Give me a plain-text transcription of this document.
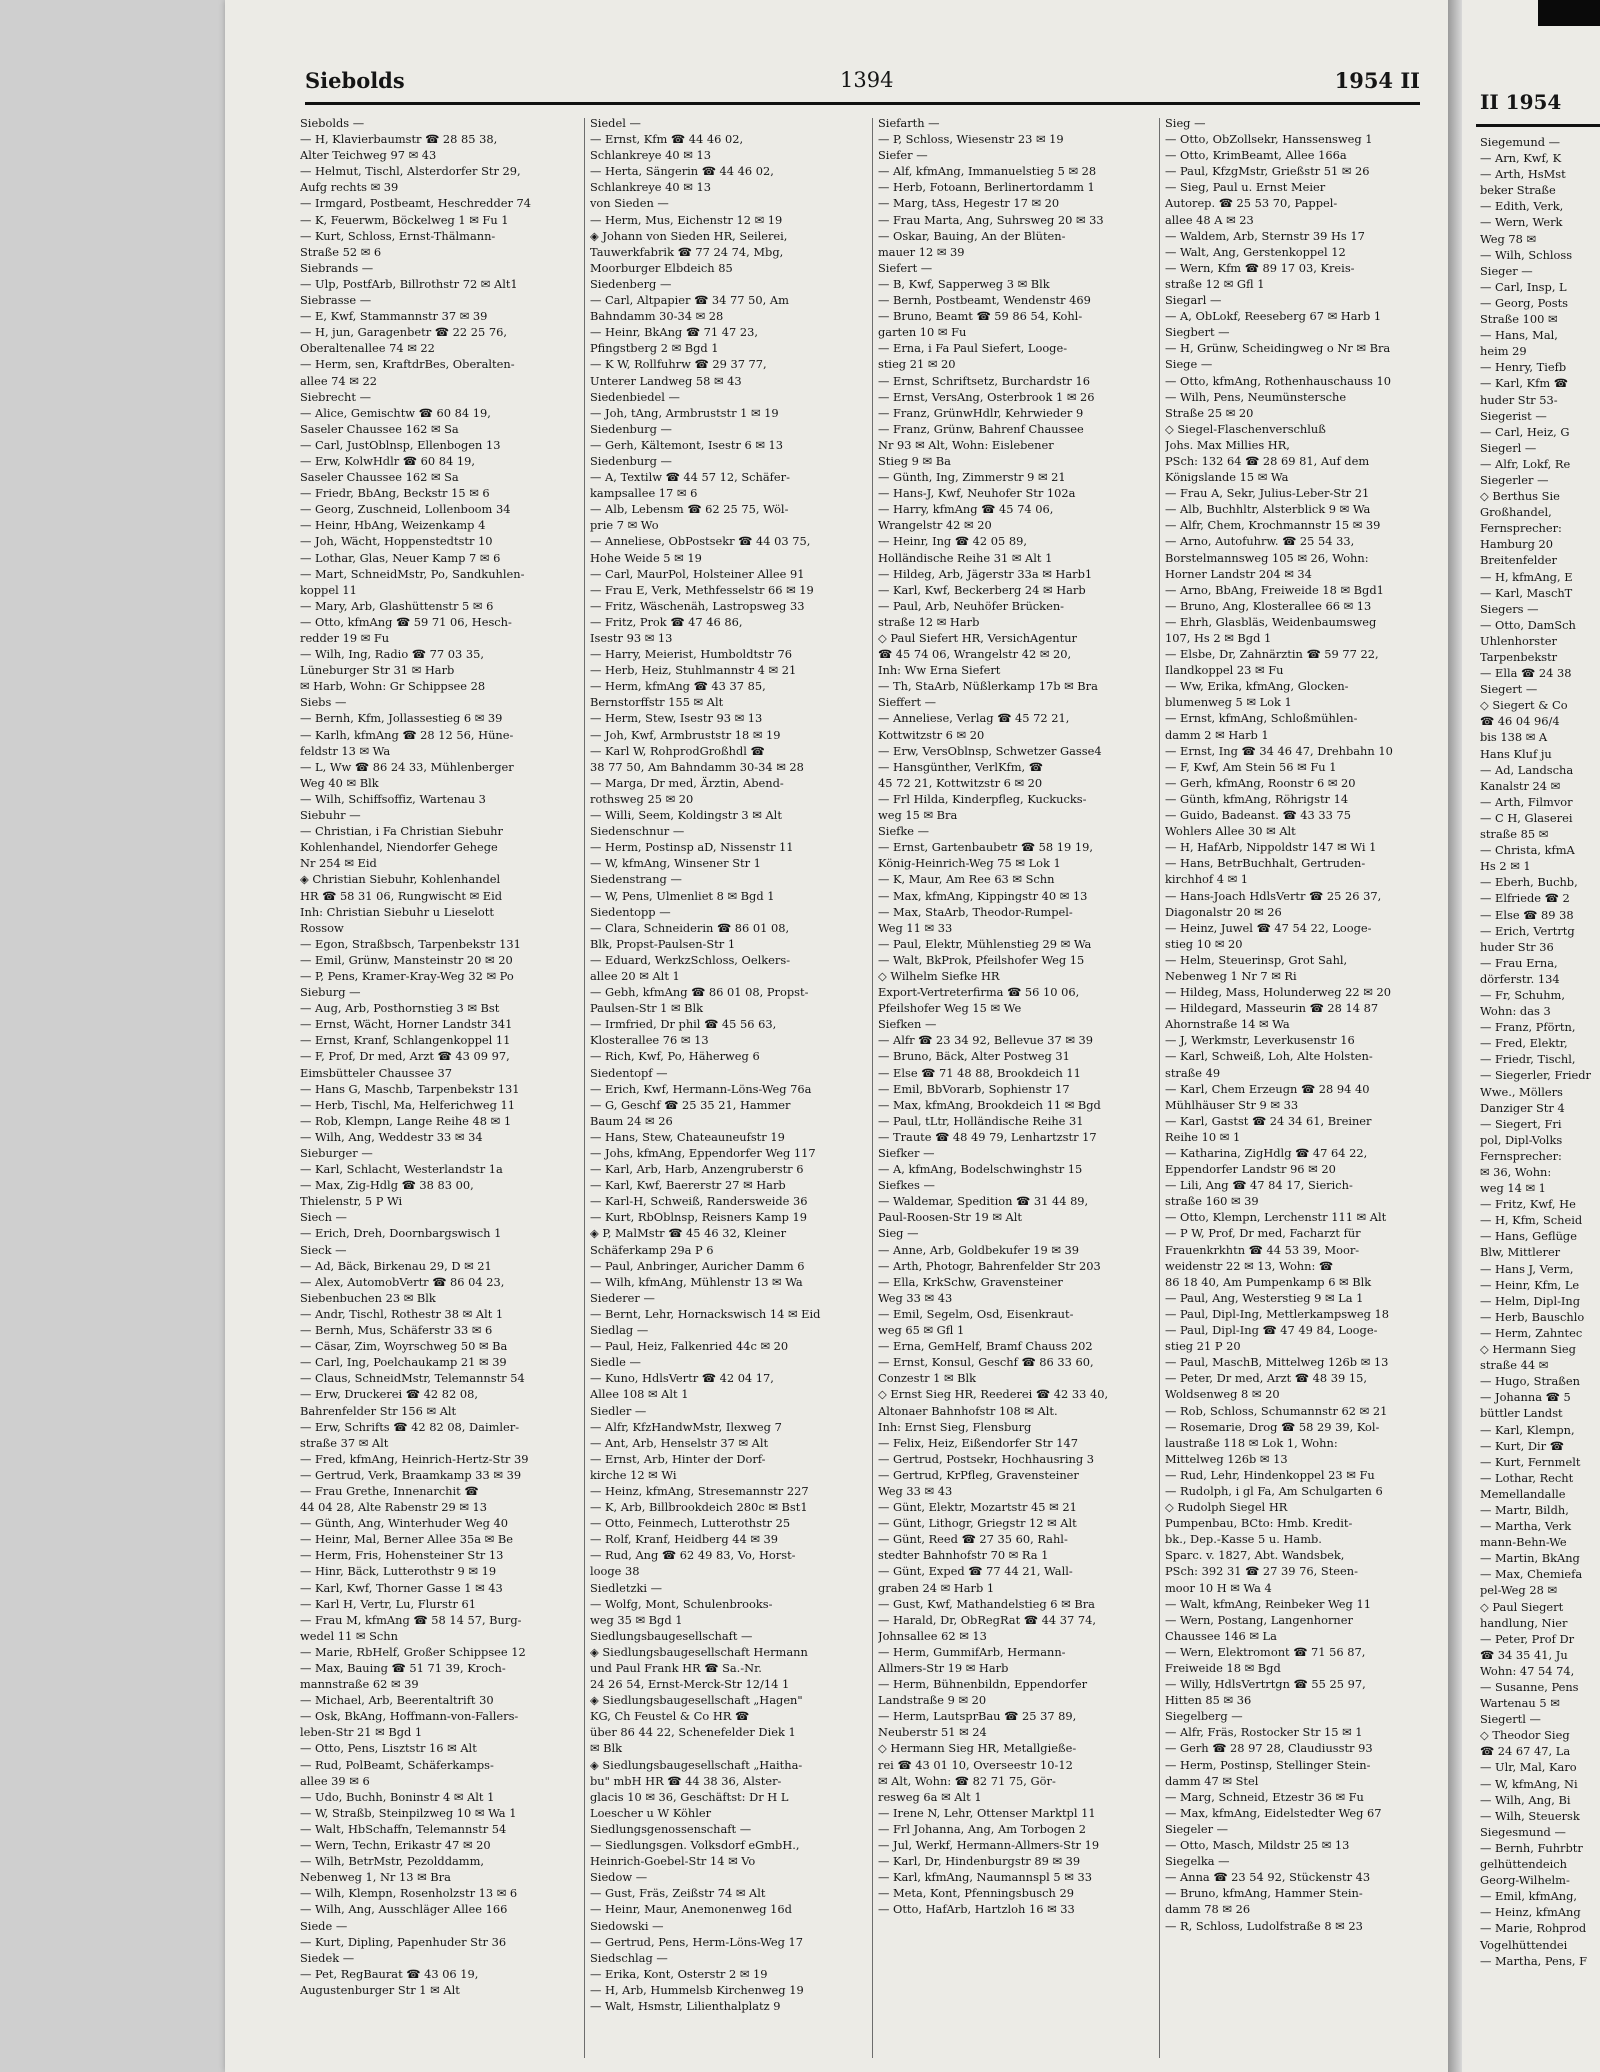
II 1954

Siegemund —

— Arn, Kwf, K

— Arth, HsMst

beker Straße

— Edith, Verk,

— Wern, Werk

Weg 78 ✉

— Wilh, Schloss

Sieger —

— Carl, Insp, L

— Georg, Posts

Straße 100 ✉

— Hans, Mal,

heim 29

— Henry, Tiefb

— Karl, Kfm ☎

huder Str 53-

Siegerist —

— Carl, Heiz, G

Siegerl —

— Alfr, Lokf, Re

Siegerler —

◇ Berthus Sie

Großhandel,

Fernsprecher:

Hamburg 20

Breitenfelder

— H, kfmAng, E

— Karl, MaschT

Siegers —

— Otto, DamSch

Uhlenhorster

Tarpenbekstr

— Ella ☎ 24 38

Siegert —

◇ Siegert & Co

☎ 46 04 96/4

bis 138 ✉ A

Hans Kluf ju

— Ad, Landscha

Kanalstr 24 ✉

— Arth, Filmvor

— C H, Glaserei

straße 85 ✉

— Christa, kfmA

Hs 2 ✉ 1

— Eberh, Buchb,

— Elfriede ☎ 2

— Else ☎ 89 38

— Erich, Vertrtg

huder Str 36

— Frau Erna,

dörferstr. 134

— Fr, Schuhm,

Wohn: das 3

— Franz, Pförtn,

— Fred, Elektr,

— Friedr, Tischl,

— Siegerler, Friedr

Wwe., Möllers

Danziger Str 4

— Siegert, Fri

pol, Dipl-Volks

Fernsprecher:

✉ 36, Wohn:

weg 14 ✉ 1

— Fritz, Kwf, He

— H, Kfm, Scheid

— Hans, Geflüge

Blw, Mittlerer

— Hans J, Verm,

— Heinr, Kfm, Le

— Helm, Dipl-Ing

— Herb, Bauschlo

— Herm, Zahntec

◇ Hermann Sieg

straße 44 ✉

— Hugo, Straßen

— Johanna ☎ 5

büttler Landst

— Karl, Klempn,

— Kurt, Dir ☎

— Kurt, Fernmelt

— Lothar, Recht

Memellandalle

— Martr, Bildh,

— Martha, Verk

mann-Behn-We

— Martin, BkAng

— Max, Chemiefa

pel-Weg 28 ✉

◇ Paul Siegert

handlung, Nier

— Peter, Prof Dr

☎ 34 35 41, Ju

Wohn: 47 54 74,

— Susanne, Pens

Wartenau 5 ✉

Siegertl —

◇ Theodor Sieg

☎ 24 67 47, La

— Ulr, Mal, Karo

— W, kfmAng, Ni

— Wilh, Ang, Bi

— Wilh, Steuersk

Siegesmund —

— Bernh, Fuhrbtr

gelhüttendeich

Georg-Wilhelm-

— Emil, kfmAng,

— Heinz, kfmAng

— Marie, Rohprod

Vogelhüttendei

— Martha, Pens, F

Siebolds	1394	1954 II

Siebolds —

— H, Klavierbaumstr ☎ 28 85 38,

Alter Teichweg 97 ✉ 43

— Helmut, Tischl, Alsterdorfer Str 29,

Aufg rechts ✉ 39

— Irmgard, Postbeamt, Heschredder 74

— K, Feuerwm, Böckelweg 1 ✉ Fu 1

— Kurt, Schloss, Ernst-Thälmann-

Straße 52 ✉ 6

Siebrands —

— Ulp, PostfArb, Billrothstr 72 ✉ Alt1

Siebrasse —

— E, Kwf, Stammannstr 37 ✉ 39

— H, jun, Garagenbetr ☎ 22 25 76,

Oberaltenallee 74 ✉ 22

— Herm, sen, KraftdrBes, Oberalten-

allee 74 ✉ 22

Siebrecht —

— Alice, Gemischtw ☎ 60 84 19,

Saseler Chaussee 162 ✉ Sa

— Carl, JustOblnsp, Ellenbogen 13

— Erw, KolwHdlr ☎ 60 84 19,

Saseler Chaussee 162 ✉ Sa

— Friedr, BbAng, Beckstr 15 ✉ 6

— Georg, Zuschneid, Lollenboom 34

— Heinr, HbAng, Weizenkamp 4

— Joh, Wächt, Hoppenstedtstr 10

— Lothar, Glas, Neuer Kamp 7 ✉ 6

— Mart, SchneidMstr, Po, Sandkuhlen-

koppel 11

— Mary, Arb, Glashüttenstr 5 ✉ 6

— Otto, kfmAng ☎ 59 71 06, Hesch-

redder 19 ✉ Fu

— Wilh, Ing, Radio ☎ 77 03 35,

Lüneburger Str 31 ✉ Harb

✉ Harb, Wohn: Gr Schippsee 28

Siebs —

— Bernh, Kfm, Jollassestieg 6 ✉ 39

— Karlh, kfmAng ☎ 28 12 56, Hüne-

feldstr 13 ✉ Wa

— L, Ww ☎ 86 24 33, Mühlenberger

Weg 40 ✉ Blk

— Wilh, Schiffsoffiz, Wartenau 3

Siebuhr —

— Christian, i Fa Christian Siebuhr

Kohlenhandel, Niendorfer Gehege

Nr 254 ✉ Eid

◈ Christian Siebuhr, Kohlenhandel

HR ☎ 58 31 06, Rungwischt ✉ Eid

Inh: Christian Siebuhr u Lieselott

Rossow

— Egon, Straßbsch, Tarpenbekstr 131

— Emil, Grünw, Mansteinstr 20 ✉ 20

— P, Pens, Kramer-Kray-Weg 32 ✉ Po

Sieburg —

— Aug, Arb, Posthornstieg 3 ✉ Bst

— Ernst, Wächt, Horner Landstr 341

— Ernst, Kranf, Schlangenkoppel 11

— F, Prof, Dr med, Arzt ☎ 43 09 97,

Eimsbütteler Chaussee 37

— Hans G, Maschb, Tarpenbekstr 131

— Herb, Tischl, Ma, Helferichweg 11

— Rob, Klempn, Lange Reihe 48 ✉ 1

— Wilh, Ang, Weddestr 33 ✉ 34

Sieburger —

— Karl, Schlacht, Westerlandstr 1a

— Max, Zig-Hdlg ☎ 38 83 00,

Thielenstr, 5 P Wi

Siech —

— Erich, Dreh, Doornbargswisch 1

Sieck —

— Ad, Bäck, Birkenau 29, D ✉ 21

— Alex, AutomobVertr ☎ 86 04 23,

Siebenbuchen 23 ✉ Blk

— Andr, Tischl, Rothestr 38 ✉ Alt 1

— Bernh, Mus, Schäferstr 33 ✉ 6

— Cäsar, Zim, Woyrschweg 50 ✉ Ba

— Carl, Ing, Poelchaukamp 21 ✉ 39

— Claus, SchneidMstr, Telemannstr 54

— Erw, Druckerei ☎ 42 82 08,

Bahrenfelder Str 156 ✉ Alt

— Erw, Schrifts ☎ 42 82 08, Daimler-

straße 37 ✉ Alt

— Fred, kfmAng, Heinrich-Hertz-Str 39

— Gertrud, Verk, Braamkamp 33 ✉ 39

— Frau Grethe, Innenarchit ☎

44 04 28, Alte Rabenstr 29 ✉ 13

— Günth, Ang, Winterhuder Weg 40

— Heinr, Mal, Berner Allee 35a ✉ Be

— Herm, Fris, Hohensteiner Str 13

— Hinr, Bäck, Lutterothstr 9 ✉ 19

— Karl, Kwf, Thorner Gasse 1 ✉ 43

— Karl H, Vertr, Lu, Flurstr 61

— Frau M, kfmAng ☎ 58 14 57, Burg-

wedel 11 ✉ Schn

— Marie, RbHelf, Großer Schippsee 12

— Max, Bauing ☎ 51 71 39, Kroch-

mannstraße 62 ✉ 39

— Michael, Arb, Beerentaltrift 30

— Osk, BkAng, Hoffmann-von-Fallers-

leben-Str 21 ✉ Bgd 1

— Otto, Pens, Lisztstr 16 ✉ Alt

— Rud, PolBeamt, Schäferkamps-

allee 39 ✉ 6

— Udo, Buchh, Boninstr 4 ✉ Alt 1

— W, Straßb, Steinpilzweg 10 ✉ Wa 1

— Walt, HbSchaffn, Telemannstr 54

— Wern, Techn, Erikastr 47 ✉ 20

— Wilh, BetrMstr, Pezolddamm,

Nebenweg 1, Nr 13 ✉ Bra

— Wilh, Klempn, Rosenholzstr 13 ✉ 6

— Wilh, Ang, Ausschläger Allee 166

Siede —

— Kurt, Dipling, Papenhuder Str 36

Siedek —

— Pet, RegBaurat ☎ 43 06 19,

Augustenburger Str 1 ✉ Alt

Siedel —

— Ernst, Kfm ☎ 44 46 02,

Schlankreye 40 ✉ 13

— Herta, Sängerin ☎ 44 46 02,

Schlankreye 40 ✉ 13

von Sieden —

— Herm, Mus, Eichenstr 12 ✉ 19

◈ Johann von Sieden HR, Seilerei,

Tauwerkfabrik ☎ 77 24 74, Mbg,

Moorburger Elbdeich 85

Siedenberg —

— Carl, Altpapier ☎ 34 77 50, Am

Bahndamm 30-34 ✉ 28

— Heinr, BkAng ☎ 71 47 23,

Pfingstberg 2 ✉ Bgd 1

— K W, Rollfuhrw ☎ 29 37 77,

Unterer Landweg 58 ✉ 43

Siedenbiedel —

— Joh, tAng, Armbruststr 1 ✉ 19

Siedenburg —

— Gerh, Kältemont, Isestr 6 ✉ 13

Siedenburg —

— A, Textilw ☎ 44 57 12, Schäfer-

kampsallee 17 ✉ 6

— Alb, Lebensm ☎ 62 25 75, Wöl-

prie 7 ✉ Wo

— Anneliese, ObPostsekr ☎ 44 03 75,

Hohe Weide 5 ✉ 19

— Carl, MaurPol, Holsteiner Allee 91

— Frau E, Verk, Methfesselstr 66 ✉ 19

— Fritz, Wäschenäh, Lastropsweg 33

— Fritz, Prok ☎ 47 46 86,

Isestr 93 ✉ 13

— Harry, Meierist, Humboldtstr 76

— Herb, Heiz, Stuhlmannstr 4 ✉ 21

— Herm, kfmAng ☎ 43 37 85,

Bernstorffstr 155 ✉ Alt

— Herm, Stew, Isestr 93 ✉ 13

— Joh, Kwf, Armbruststr 18 ✉ 19

— Karl W, RohprodGroßhdl ☎

38 77 50, Am Bahndamm 30-34 ✉ 28

— Marga, Dr med, Ärztin, Abend-

rothsweg 25 ✉ 20

— Willi, Seem, Koldingstr 3 ✉ Alt

Siedenschnur —

— Herm, Postinsp aD, Nissenstr 11

— W, kfmAng, Winsener Str 1

Siedenstrang —

— W, Pens, Ulmenliet 8 ✉ Bgd 1

Siedentopp —

— Clara, Schneiderin ☎ 86 01 08,

Blk, Propst-Paulsen-Str 1

— Eduard, WerkzSchloss, Oelkers-

allee 20 ✉ Alt 1

— Gebh, kfmAng ☎ 86 01 08, Propst-

Paulsen-Str 1 ✉ Blk

— Irmfried, Dr phil ☎ 45 56 63,

Klosterallee 76 ✉ 13

— Rich, Kwf, Po, Häherweg 6

Siedentopf —

— Erich, Kwf, Hermann-Löns-Weg 76a

— G, Geschf ☎ 25 35 21, Hammer

Baum 24 ✉ 26

— Hans, Stew, Chateauneufstr 19

— Johs, kfmAng, Eppendorfer Weg 117

— Karl, Arb, Harb, Anzengruberstr 6

— Karl, Kwf, Baererstr 27 ✉ Harb

— Karl-H, Schweiß, Randersweide 36

— Kurt, RbOblnsp, Reisners Kamp 19

◈ P, MalMstr ☎ 45 46 32, Kleiner

Schäferkamp 29a P 6

— Paul, Anbringer, Auricher Damm 6

— Wilh, kfmAng, Mühlenstr 13 ✉ Wa

Siederer —

— Bernt, Lehr, Hornackswisch 14 ✉ Eid

Siedlag —

— Paul, Heiz, Falkenried 44c ✉ 20

Siedle —

— Kuno, HdlsVertr ☎ 42 04 17,

Allee 108 ✉ Alt 1

Siedler —

— Alfr, KfzHandwMstr, Ilexweg 7

— Ant, Arb, Henselstr 37 ✉ Alt

— Ernst, Arb, Hinter der Dorf-

kirche 12 ✉ Wi

— Heinz, kfmAng, Stresemannstr 227

— K, Arb, Billbrookdeich 280c ✉ Bst1

— Otto, Feinmech, Lutterothstr 25

— Rolf, Kranf, Heidberg 44 ✉ 39

— Rud, Ang ☎ 62 49 83, Vo, Horst-

looge 38

Siedletzki —

— Wolfg, Mont, Schulenbrooks-

weg 35 ✉ Bgd 1

Siedlungsbaugesellschaft —

◈ Siedlungsbaugesellschaft Hermann

und Paul Frank HR ☎ Sa.-Nr.

24 26 54, Ernst-Merck-Str 12/14 1

◈ Siedlungsbaugesellschaft „Hagen"

KG, Ch Feustel & Co HR ☎

über 86 44 22, Schenefelder Diek 1

✉ Blk

◈ Siedlungsbaugesellschaft „Haitha-

bu" mbH HR ☎ 44 38 36, Alster-

glacis 10 ✉ 36, Geschäftst: Dr H L

Loescher u W Köhler

Siedlungsgenossenschaft —

— Siedlungsgen. Volksdorf eGmbH.,

Heinrich-Goebel-Str 14 ✉ Vo

Siedow —

— Gust, Fräs, Zeißstr 74 ✉ Alt

— Heinr, Maur, Anemonenweg 16d

Siedowski —

— Gertrud, Pens, Herm-Löns-Weg 17

Siedschlag —

— Erika, Kont, Osterstr 2 ✉ 19

— H, Arb, Hummelsb Kirchenweg 19

— Walt, Hsmstr, Lilienthalplatz 9

Siefarth —

— P, Schloss, Wiesenstr 23 ✉ 19

Siefer —

— Alf, kfmAng, Immanuelstieg 5 ✉ 28

— Herb, Fotoann, Berlinertordamm 1

— Marg, tAss, Hegestr 17 ✉ 20

— Frau Marta, Ang, Suhrsweg 20 ✉ 33

— Oskar, Bauing, An der Blüten-

mauer 12 ✉ 39

Siefert —

— B, Kwf, Sapperweg 3 ✉ Blk

— Bernh, Postbeamt, Wendenstr 469

— Bruno, Beamt ☎ 59 86 54, Kohl-

garten 10 ✉ Fu

— Erna, i Fa Paul Siefert, Looge-

stieg 21 ✉ 20

— Ernst, Schriftsetz, Burchardstr 16

— Ernst, VersAng, Osterbrook 1 ✉ 26

— Franz, GrünwHdlr, Kehrwieder 9

— Franz, Grünw, Bahrenf Chaussee

Nr 93 ✉ Alt, Wohn: Eislebener

Stieg 9 ✉ Ba

— Günth, Ing, Zimmerstr 9 ✉ 21

— Hans-J, Kwf, Neuhofer Str 102a

— Harry, kfmAng ☎ 45 74 06,

Wrangelstr 42 ✉ 20

— Heinr, Ing ☎ 42 05 89,

Holländische Reihe 31 ✉ Alt 1

— Hildeg, Arb, Jägerstr 33a ✉ Harb1

— Karl, Kwf, Beckerberg 24 ✉ Harb

— Paul, Arb, Neuhöfer Brücken-

straße 12 ✉ Harb

◇ Paul Siefert HR, VersichAgentur

☎ 45 74 06, Wrangelstr 42 ✉ 20,

Inh: Ww Erna Siefert

— Th, StaArb, Nüßlerkamp 17b ✉ Bra

Sieffert —

— Anneliese, Verlag ☎ 45 72 21,

Kottwitzstr 6 ✉ 20

— Erw, VersOblnsp, Schwetzer Gasse4

— Hansgünther, VerlKfm, ☎

45 72 21, Kottwitzstr 6 ✉ 20

— Frl Hilda, Kinderpfleg, Kuckucks-

weg 15 ✉ Bra

Siefke —

— Ernst, Gartenbaubetr ☎ 58 19 19,

König-Heinrich-Weg 75 ✉ Lok 1

— K, Maur, Am Ree 63 ✉ Schn

— Max, kfmAng, Kippingstr 40 ✉ 13

— Max, StaArb, Theodor-Rumpel-

Weg 11 ✉ 33

— Paul, Elektr, Mühlenstieg 29 ✉ Wa

— Walt, BkProk, Pfeilshofer Weg 15

◇ Wilhelm Siefke HR

Export-Vertreterfirma ☎ 56 10 06,

Pfeilshofer Weg 15 ✉ We

Siefken —

— Alfr ☎ 23 34 92, Bellevue 37 ✉ 39

— Bruno, Bäck, Alter Postweg 31

— Else ☎ 71 48 88, Brookdeich 11

— Emil, BbVorarb, Sophienstr 17

— Max, kfmAng, Brookdeich 11 ✉ Bgd

— Paul, tLtr, Holländische Reihe 31

— Traute ☎ 48 49 79, Lenhartzstr 17

Siefker —

— A, kfmAng, Bodelschwinghstr 15

Siefkes —

— Waldemar, Spedition ☎ 31 44 89,

Paul-Roosen-Str 19 ✉ Alt

Sieg —

— Anne, Arb, Goldbekufer 19 ✉ 39

— Arth, Photogr, Bahrenfelder Str 203

— Ella, KrkSchw, Gravensteiner

Weg 33 ✉ 43

— Emil, Segelm, Osd, Eisenkraut-

weg 65 ✉ Gfl 1

— Erna, GemHelf, Bramf Chauss 202

— Ernst, Konsul, Geschf ☎ 86 33 60,

Conzestr 1 ✉ Blk

◇ Ernst Sieg HR, Reederei ☎ 42 33 40,

Altonaer Bahnhofstr 108 ✉ Alt.

Inh: Ernst Sieg, Flensburg

— Felix, Heiz, Eißendorfer Str 147

— Gertrud, Postsekr, Hochhausring 3

— Gertrud, KrPfleg, Gravensteiner

Weg 33 ✉ 43

— Günt, Elektr, Mozartstr 45 ✉ 21

— Günt, Lithogr, Griegstr 12 ✉ Alt

— Günt, Reed ☎ 27 35 60, Rahl-

stedter Bahnhofstr 70 ✉ Ra 1

— Günt, Exped ☎ 77 44 21, Wall-

graben 24 ✉ Harb 1

— Gust, Kwf, Mathandelstieg 6 ✉ Bra

— Harald, Dr, ObRegRat ☎ 44 37 74,

Johnsallee 62 ✉ 13

— Herm, GummifArb, Hermann-

Allmers-Str 19 ✉ Harb

— Herm, Bühnenbildn, Eppendorfer

Landstraße 9 ✉ 20

— Herm, LautsprBau ☎ 25 37 89,

Neuberstr 51 ✉ 24

◇ Hermann Sieg HR, Metallgieße-

rei ☎ 43 01 10, Overseestr 10-12

✉ Alt, Wohn: ☎ 82 71 75, Gör-

resweg 6a ✉ Alt 1

— Irene N, Lehr, Ottenser Marktpl 11

— Frl Johanna, Ang, Am Torbogen 2

— Jul, Werkf, Hermann-Allmers-Str 19

— Karl, Dr, Hindenburgstr 89 ✉ 39

— Karl, kfmAng, Naumannspl 5 ✉ 33

— Meta, Kont, Pfenningsbusch 29

— Otto, HafArb, Hartzloh 16 ✉ 33

Sieg —

— Otto, ObZollsekr, Hanssensweg 1

— Otto, KrimBeamt, Allee 166a

— Paul, KfzgMstr, Grießstr 51 ✉ 26

— Sieg, Paul u. Ernst Meier

Autorep. ☎ 25 53 70, Pappel-

allee 48 A ✉ 23

— Waldem, Arb, Sternstr 39 Hs 17

— Walt, Ang, Gerstenkoppel 12

— Wern, Kfm ☎ 89 17 03, Kreis-

straße 12 ✉ Gfl 1

Siegarl —

— A, ObLokf, Reeseberg 67 ✉ Harb 1

Siegbert —

— H, Grünw, Scheidingweg o Nr ✉ Bra

Siege —

— Otto, kfmAng, Rothenhauschauss 10

— Wilh, Pens, Neumünstersche

Straße 25 ✉ 20

◇ Siegel-Flaschenverschluß

Johs. Max Millies HR,

PSch: 132 64 ☎ 28 69 81, Auf dem

Königslande 15 ✉ Wa

— Frau A, Sekr, Julius-Leber-Str 21

— Alb, Buchhltr, Alsterblick 9 ✉ Wa

— Alfr, Chem, Krochmannstr 15 ✉ 39

— Arno, Autofuhrw. ☎ 25 54 33,

Borstelmannsweg 105 ✉ 26, Wohn:

Horner Landstr 204 ✉ 34

— Arno, BbAng, Freiweide 18 ✉ Bgd1

— Bruno, Ang, Klosterallee 66 ✉ 13

— Ehrh, Glasbläs, Weidenbaumsweg

107, Hs 2 ✉ Bgd 1

— Elsbe, Dr, Zahnärztin ☎ 59 77 22,

Ilandkoppel 23 ✉ Fu

— Ww, Erika, kfmAng, Glocken-

blumenweg 5 ✉ Lok 1

— Ernst, kfmAng, Schloßmühlen-

damm 2 ✉ Harb 1

— Ernst, Ing ☎ 34 46 47, Drehbahn 10

— F, Kwf, Am Stein 56 ✉ Fu 1

— Gerh, kfmAng, Roonstr 6 ✉ 20

— Günth, kfmAng, Röhrigstr 14

— Guido, Badeanst. ☎ 43 33 75

Wohlers Allee 30 ✉ Alt

— H, HafArb, Nippoldstr 147 ✉ Wi 1

— Hans, BetrBuchhalt, Gertruden-

kirchhof 4 ✉ 1

— Hans-Joach HdlsVertr ☎ 25 26 37,

Diagonalstr 20 ✉ 26

— Heinz, Juwel ☎ 47 54 22, Looge-

stieg 10 ✉ 20

— Helm, Steuerinsp, Grot Sahl,

Nebenweg 1 Nr 7 ✉ Ri

— Hildeg, Mass, Holunderweg 22 ✉ 20

— Hildegard, Masseurin ☎ 28 14 87

Ahornstraße 14 ✉ Wa

— J, Werkmstr, Leverkusenstr 16

— Karl, Schweiß, Loh, Alte Holsten-

straße 49

— Karl, Chem Erzeugn ☎ 28 94 40

Mühlhäuser Str 9 ✉ 33

— Karl, Gastst ☎ 24 34 61, Breiner

Reihe 10 ✉ 1

— Katharina, ZigHdlg ☎ 47 64 22,

Eppendorfer Landstr 96 ✉ 20

— Lili, Ang ☎ 47 84 17, Sierich-

straße 160 ✉ 39

— Otto, Klempn, Lerchenstr 111 ✉ Alt

— P W, Prof, Dr med, Facharzt für

Frauenkrkhtn ☎ 44 53 39, Moor-

weidenstr 22 ✉ 13, Wohn: ☎

86 18 40, Am Pumpenkamp 6 ✉ Blk

— Paul, Ang, Westerstieg 9 ✉ La 1

— Paul, Dipl-Ing, Mettlerkampsweg 18

— Paul, Dipl-Ing ☎ 47 49 84, Looge-

stieg 21 P 20

— Paul, MaschB, Mittelweg 126b ✉ 13

— Peter, Dr med, Arzt ☎ 48 39 15,

Woldsenweg 8 ✉ 20

— Rob, Schloss, Schumannstr 62 ✉ 21

— Rosemarie, Drog ☎ 58 29 39, Kol-

laustraße 118 ✉ Lok 1, Wohn:

Mittelweg 126b ✉ 13

— Rud, Lehr, Hindenkoppel 23 ✉ Fu

— Rudolph, i gl Fa, Am Schulgarten 6

◇ Rudolph Siegel HR

Pumpenbau, BCto: Hmb. Kredit-

bk., Dep.-Kasse 5 u. Hamb.

Sparc. v. 1827, Abt. Wandsbek,

PSch: 392 31 ☎ 27 39 76, Steen-

moor 10 H ✉ Wa 4

— Walt, kfmAng, Reinbeker Weg 11

— Wern, Postang, Langenhorner

Chaussee 146 ✉ La

— Wern, Elektromont ☎ 71 56 87,

Freiweide 18 ✉ Bgd

— Willy, HdlsVertrtgn ☎ 55 25 97,

Hitten 85 ✉ 36

Siegelberg —

— Alfr, Fräs, Rostocker Str 15 ✉ 1

— Gerh ☎ 28 97 28, Claudiusstr 93

— Herm, Postinsp, Stellinger Stein-

damm 47 ✉ Stel

— Marg, Schneid, Etzestr 36 ✉ Fu

— Max, kfmAng, Eidelstedter Weg 67

Siegeler —

— Otto, Masch, Mildstr 25 ✉ 13

Siegelka —

— Anna ☎ 23 54 92, Stückenstr 43

— Bruno, kfmAng, Hammer Stein-

damm 78 ✉ 26

— R, Schloss, Ludolfstraße 8 ✉ 23
